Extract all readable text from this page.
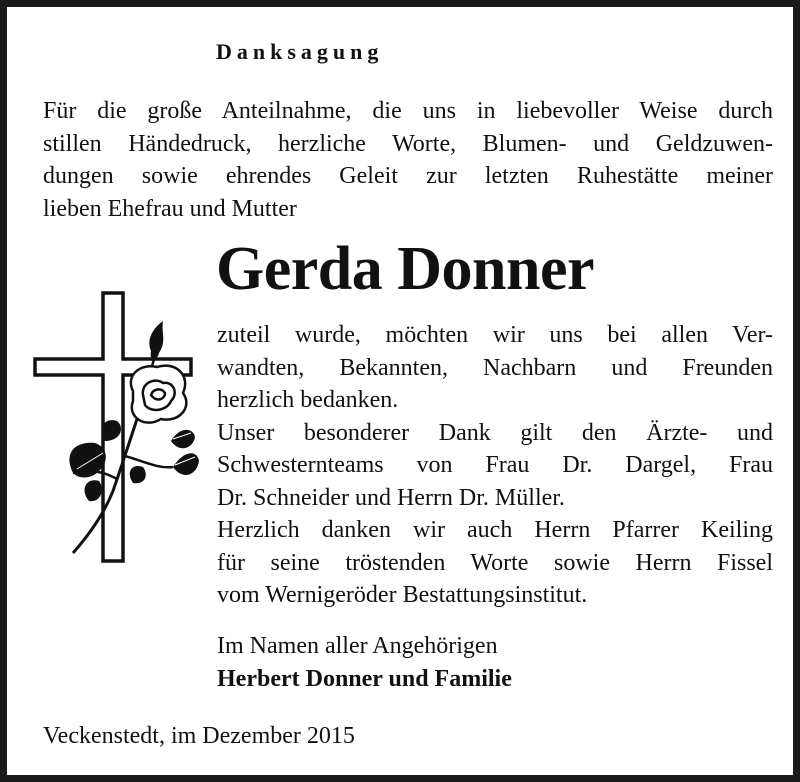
Danksagung
Für die große Anteilnahme, die uns in liebevoller Weise durch
stillen Händedruck, herzliche Worte, Blumen- und Geldzuwen-
dungen sowie ehrendes Geleit zur letzten Ruhestätte meiner
lieben Ehefrau und Mutter
Gerda Donner
zuteil wurde, möchten wir uns bei allen Ver-
wandten, Bekannten, Nachbarn und Freunden
herzlich bedanken.
Unser besonderer Dank gilt den Ärzte- und
Schwesternteams von Frau Dr. Dargel, Frau
Dr. Schneider und Herrn Dr. Müller.
Herzlich danken wir auch Herrn Pfarrer Keiling
für seine tröstenden Worte sowie Herrn Fissel
vom Wernigeröder Bestattungsinstitut.
Im Namen aller Angehörigen
Herbert Donner und Familie
Veckenstedt, im Dezember 2015
